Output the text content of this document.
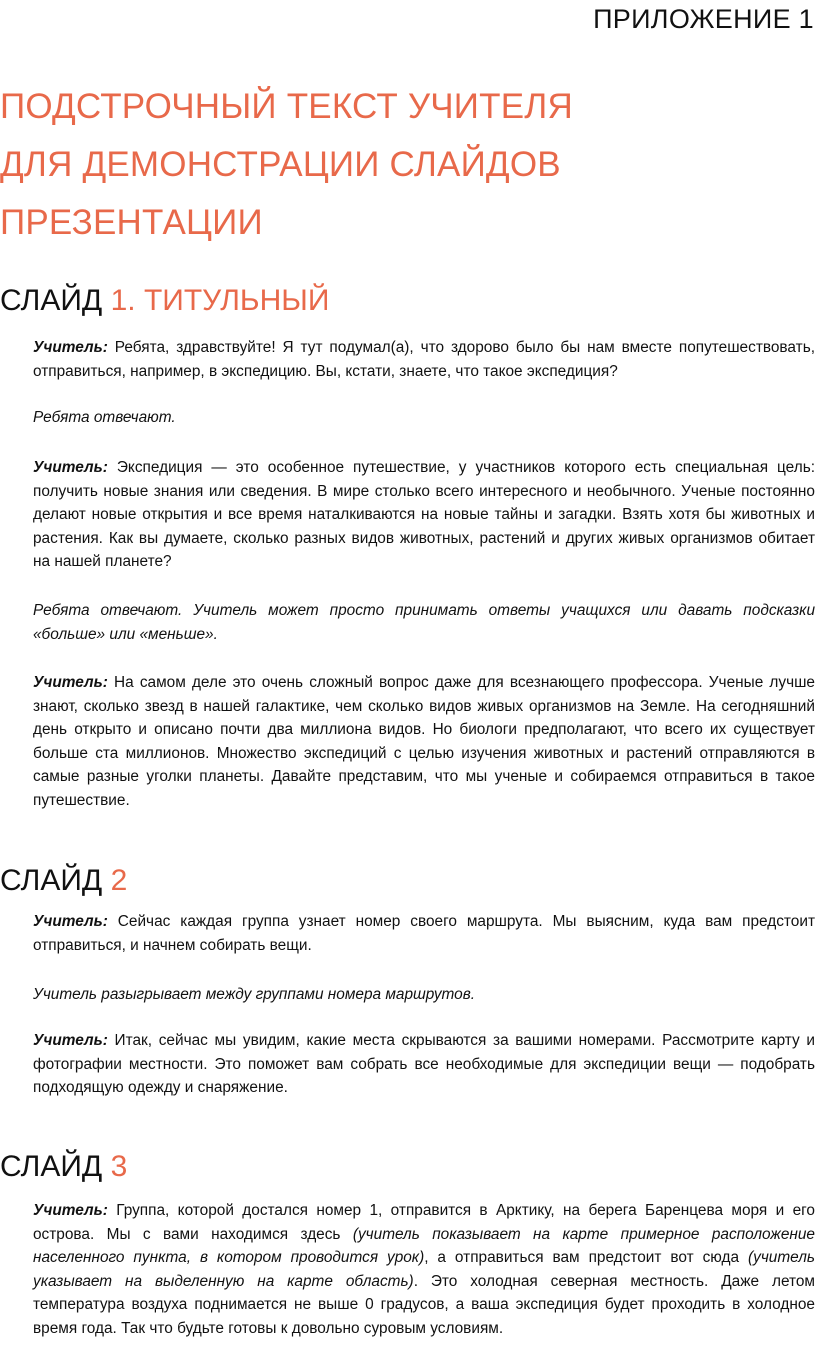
ПРИЛОЖЕНИЕ 1
ПОДСТРОЧНЫЙ ТЕКСТ УЧИТЕЛЯ
ДЛЯ ДЕМОНСТРАЦИИ СЛАЙДОВ
ПРЕЗЕНТАЦИИ
СЛАЙД 1. ТИТУЛЬНЫЙ

Учитель: Ребята, здравствуйте! Я тут подумал(а), что здорово было бы нам вместе попутешествовать, отправиться, например, в экспедицию. Вы, кстати, знаете, что такое экспедиция?

Ребята отвечают.

Учитель: Экспедиция — это особенное путешествие, у участников которого есть специальная цель: получить новые знания или сведения. В мире столько всего интересного и необычного. Ученые постоянно делают новые открытия и все время наталкиваются на новые тайны и загадки. Взять хотя бы животных и растения. Как вы думаете, сколько разных видов животных, растений и других живых организмов обитает на нашей планете?

Ребята отвечают. Учитель может просто принимать ответы учащихся или давать подсказки «больше» или «меньше».

Учитель: На самом деле это очень сложный вопрос даже для всезнающего профессора. Ученые лучше знают, сколько звезд в нашей галактике, чем сколько видов живых организмов на Земле. На сегодняшний день открыто и описано почти два миллиона видов. Но биологи предполагают, что всего их существует больше ста миллионов. Множество экспедиций с целью изучения животных и растений отправляются в самые разные уголки планеты. Давайте представим, что мы ученые и собираемся отправиться в такое путешествие.

СЛАЙД 2

Учитель: Сейчас каждая группа узнает номер своего маршрута. Мы выясним, куда вам предстоит отправиться, и начнем собирать вещи.

Учитель разыгрывает между группами номера маршрутов.

Учитель: Итак, сейчас мы увидим, какие места скрываются за вашими номерами. Рассмотрите карту и фотографии местности. Это поможет вам собрать все необходимые для экспедиции вещи — подобрать подходящую одежду и снаряжение.

СЛАЙД 3

Учитель: Группа, которой достался номер 1, отправится в Арктику, на берега Баренцева моря и его острова. Мы с вами находимся здесь (учитель показывает на карте примерное расположение населенного пункта, в котором проводится урок), а отправиться вам предстоит вот сюда (учитель указывает на выделенную на карте область). Это холодная северная местность. Даже летом температура воздуха поднимается не выше 0 градусов, а ваша экспедиция будет проходить в холодное время года. Так что будьте готовы к довольно суровым условиям.
